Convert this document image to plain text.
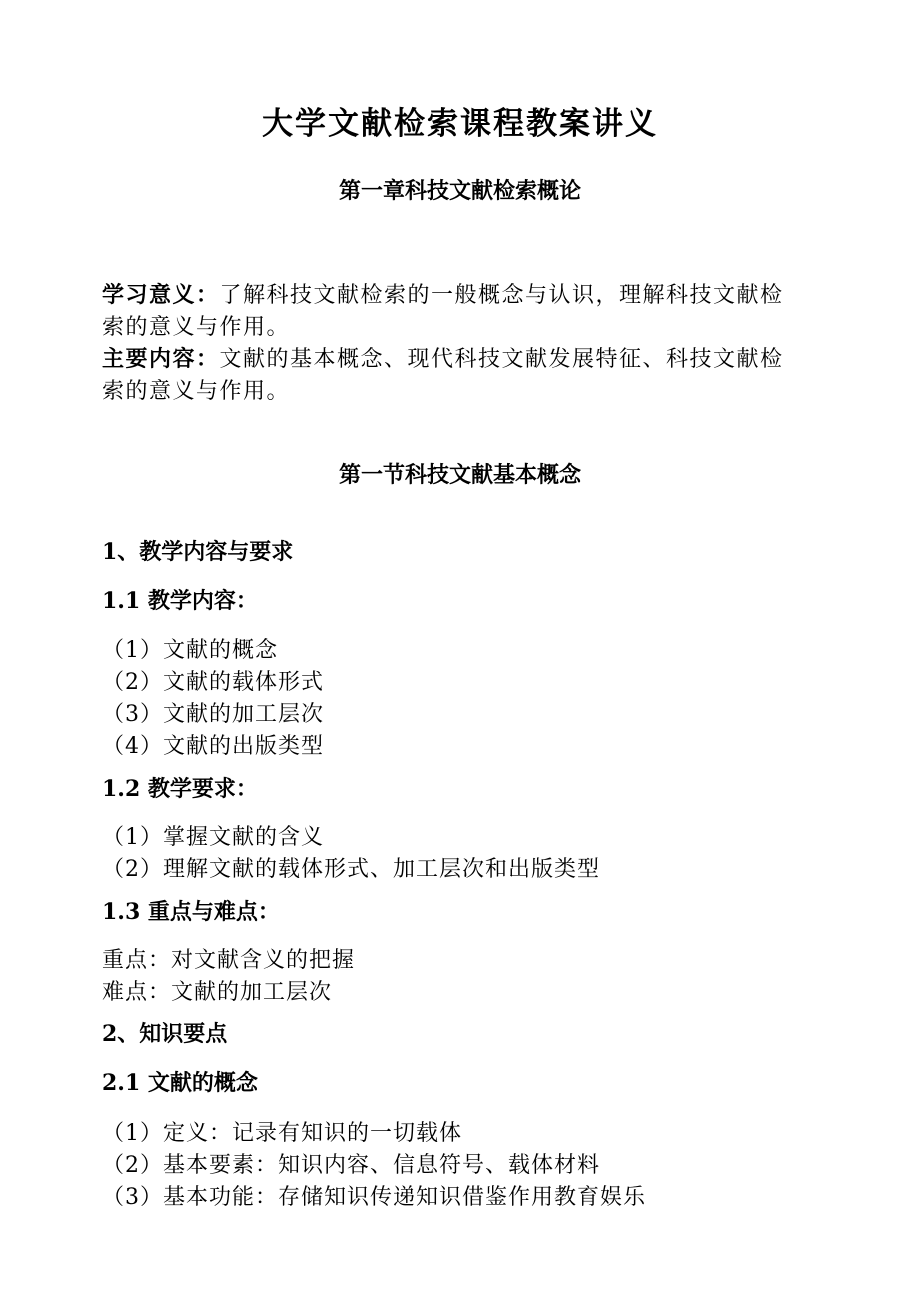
大学文献检索课程教案讲义
第一章科技文献检索概论

学习意义：了解科技文献检索的一般概念与认识，理解科技文献检

索的意义与作用。

主要内容：文献的基本概念、现代科技文献发展特征、科技文献检

索的意义与作用。

第一节科技文献基本概念
1、教学内容与要求
1.1 教学内容：
（1）文献的概念
（2）文献的载体形式
（3）文献的加工层次
（4）文献的出版类型
1.2 教学要求：
（1）掌握文献的含义
（2）理解文献的载体形式、加工层次和出版类型
1.3 重点与难点：
重点：对文献含义的把握
难点：文献的加工层次
2、知识要点
2.1 文献的概念
（1）定义：记录有知识的一切载体
（2）基本要素：知识内容、信息符号、载体材料
（3）基本功能：存储知识传递知识借鉴作用教育娱乐
